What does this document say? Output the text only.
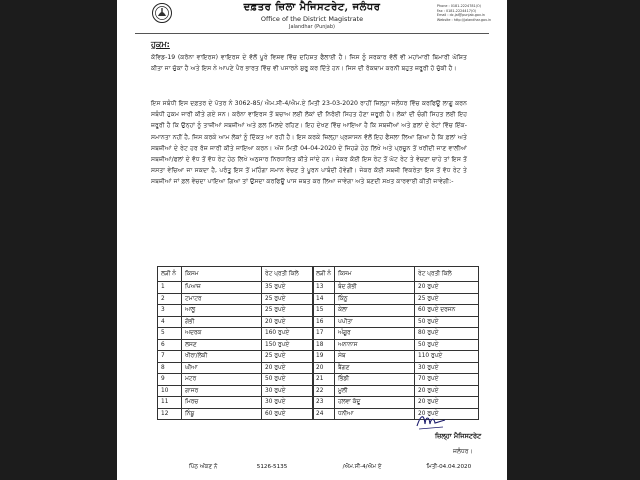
ਦਫ਼ਤਰ ਜ਼ਿਲਾ ਮੈਜਿਸਟਰੇਟ, ਜਲੰਧਰ
Office of the District Magistrate
Jalandhar (Punjab)
Phone : 0181-2224781(O)
Fax : 0181-2224417(O)
Email : dc.jal@punjab.gov.in
Website : http://jalandhar.gov.in
ਹੁਕਮ:

ਕੋਵਿਡ-19 (ਕਰੋਨਾ ਵਾਇਰਸ) ਵਾਇਰਸ ਦੇ ਵੱਲੋਂ ਪੂਰੇ ਵਿਸ਼ਵ ਵਿੱਚ ਦਹਿਸ਼ਤ ਫੈਲਾਈ ਹੈ। ਜਿਸ ਨੂੰ ਸਰਕਾਰ ਵੱਲੋਂ ਵੀ ਮਹਾਂਮਾਰੀ ਬਿਮਾਰੀ ਘੋਸ਼ਿਤ ਕੀਤਾ ਜਾ ਚੁੱਕਾ ਹੈ ਅਤੇ ਇਸ ਨੇ ਆਪਣੇ ਪੈਰ ਭਾਰਤ ਵਿੱਚ ਵੀ ਪਸਾਰਨੇ ਸ਼ੁਰੂ ਕਰ ਦਿੱਤੇ ਹਨ। ਜਿਸ ਦੀ ਰੋਕਥਾਮ ਕਰਨੀ ਬਹੁਤ ਜ਼ਰੂਰੀ ਹੋ ਚੁੱਕੀ ਹੈ।

ਇਸ ਸਬੰਧੀ ਇਸ ਦਫ਼ਤਰ ਦੇ ਪੱਤਰ ਨੰ 3062-85/ ਐਮ.ਸੀ-4/ਐਮ.ਏ ਮਿਤੀ 23-03-2020 ਰਾਹੀਂ ਜ਼ਿਲ੍ਹਾ ਜਲੰਧਰ ਵਿੱਚ ਕਰਫਿਊ ਲਾਗੂ ਕਰਨ ਸਬੰਧੀ ਹੁਕਮ ਜਾਰੀ ਕੀਤੇ ਗਏ ਸਨ। ਕਰੋਨਾ ਵਾਇਰਸ ਤੋਂ ਬਚਾਅ ਲਈ ਲੋਕਾਂ ਦੀ ਨਿਰੋਈ ਸਿਹਤ ਹੋਣਾ ਜ਼ਰੂਰੀ ਹੈ। ਲੋਕਾਂ ਦੀ ਚੰਗੀ ਸਿਹਤ ਲਈ ਇਹ ਜ਼ਰੂਰੀ ਹੈ ਕਿ ਉਨ੍ਹਾਂ ਨੂੰ ਤਾਜ਼ੀਆਂ ਸਬਜ਼ੀਆਂ ਅਤੇ ਫ਼ਲ ਮਿਲਦੇ ਰਹਿਣ। ਇਹ ਦੇਖਣ ਵਿੱਚ ਆਇਆ ਹੈ ਕਿ ਸਬਜ਼ੀਆਂ ਅਤੇ ਫ਼ਲਾਂ ਦੇ ਰੇਟਾਂ ਵਿੱਚ ਇੱਕ-ਸਮਾਨਤਾ ਨਹੀਂ ਹੈ, ਜਿਸ ਕਰਕੇ ਆਮ ਲੋਕਾਂ ਨੂੰ ਦਿੱਕਤ ਆ ਰਹੀ ਹੈ। ਇਸ ਕਰਕੇ ਜ਼ਿਲ੍ਹਾ ਪ੍ਰਸ਼ਾਸਨ ਵੱਲੋਂ ਇਹ ਫੈਸਲਾ ਲਿਆ ਗਿਆ ਹੈ ਕਿ ਫ਼ਲਾਂ ਅਤੇ ਸਬਜ਼ੀਆਂ ਦੇ ਰੇਟ ਹਰ ਰੋਜ਼ ਜਾਰੀ ਕੀਤੇ ਜਾਇਆ ਕਰਨ। ਅੱਜ ਮਿਤੀ 04-04-2020 ਦੇ ਜਿਹੜੇ ਹੇਠ ਲਿਖੇ ਅਤੇ ਪ੍ਰਚੂਨ ਤੋਂ ਖਰੀਦੀ ਜਾਣ ਵਾਲੀਆਂ ਸਬਜ਼ੀਆਂ/ਫਲਾਂ ਦੇ ਵੱਧ ਤੋਂ ਵੱਧ ਰੇਟ ਹੇਠ ਲਿਖੇ ਅਨੁਸਾਰ ਨਿਰਧਾਰਿਤ ਕੀਤੇ ਜਾਂਦੇ ਹਨ। ਜੇਕਰ ਕੋਈ ਇਸ ਰੇਟ ਤੋਂ ਘੱਟ ਰੇਟ ਤੇ ਵੇਚਣਾ ਚਾਹੇ ਤਾਂ ਇਸ ਤੋਂ ਸਸਤਾ ਵੇਚਿਆ ਜਾ ਸਕਦਾ ਹੈ, ਪਰੰਤੂ ਇਸ ਤੋਂ ਮਹਿੰਗਾ ਸਮਾਨ ਵੇਚਣ ਤੇ ਪੂਰਨ ਪਾਬੰਦੀ ਹੋਵੇਗੀ। ਜੇਕਰ ਕੋਈ ਸਬਜ਼ੀ ਵਿਕਰੇਤਾ ਇਸ ਤੋਂ ਵੱਧ ਰੇਟ ਤੇ ਸਬਜ਼ੀਆਂ ਜਾਂ ਫ਼ਲ ਵੇਚਦਾ ਪਾਇਆ ਗਿਆ ਤਾਂ ਉਸਦਾ ਕਰਫਿਊ ਪਾਸ ਜ਼ਬਤ ਕਰ ਲਿਆ ਜਾਵੇਗਾ ਅਤੇ ਬਣਦੀ ਸਖ਼ਤ ਕਾਰਵਾਈ ਕੀਤੀ ਜਾਵੇਗੀ:-

ਲੜੀ ਨੰ	ਕਿਸਮ	ਰੇਟ ਪ੍ਰਤੀ ਕਿਲੋ
1	ਪਿਆਜ਼	35 ਰੁਪਏ
2	ਟਮਾਟਰ	25 ਰੁਪਏ
3	ਆਲੂ	25 ਰੁਪਏ
4	ਗੋਭੀ	20 ਰੁਪਏ
5	ਅਦਰਕ	160 ਰੁਪਏ
6	ਲਸਣ	150 ਰੁਪਏ
7	ਖੀਰਾ/ਲੋਕੀ	25 ਰੁਪਏ
8	ਘੀਆ	20 ਰੁਪਏ
9	ਮਟਰ	50 ਰੁਪਏ
10	ਗਾਜਰ	30 ਰੁਪਏ
11	ਮਿਰਚ	30 ਰੁਪਏ
12	ਨਿੰਬੂ	60 ਰੁਪਏ
ਲੜੀ ਨੰ	ਕਿਸਮ	ਰੇਟ ਪ੍ਰਤੀ ਕਿਲੋ
13	ਬੰਦ ਗੋਭੀ	20 ਰੁਪਏ
14	ਕਿੰਨੂ	25 ਰੁਪਏ
15	ਕੇਲਾ	60 ਰੁਪਏ ਦਰਜਨ
16	ਪਪੀਤਾ	50 ਰੁਪਏ
17	ਅੰਗੂਰ	80 ਰੁਪਏ
18	ਅਨਾਨਾਸ	50 ਰੁਪਏ
19	ਸੇਬ	110 ਰੁਪਏ
20	ਬੈਂਗਣ	30 ਰੁਪਏ
21	ਭਿੰਡੀ	70 ਰੁਪਏ
22	ਮੂਲੀ	20 ਰੁਪਏ
23	ਹਲਵਾ ਕੱਦੂ	20 ਰੁਪਏ
24	ਧਨੀਆ	20 ਰੁਪਏ
ਜ਼ਿਲ੍ਹਾ ਮੈਜਿਸਟਰੇਟ
ਜਲੰਧਰ।
ਪਿੰਠ ਅੰਕਣ ਨੰ	5126-5135	/ਐਮ.ਸੀ-4/ਐਮ ਏ	ਮਿਤੀ-04.04.2020
